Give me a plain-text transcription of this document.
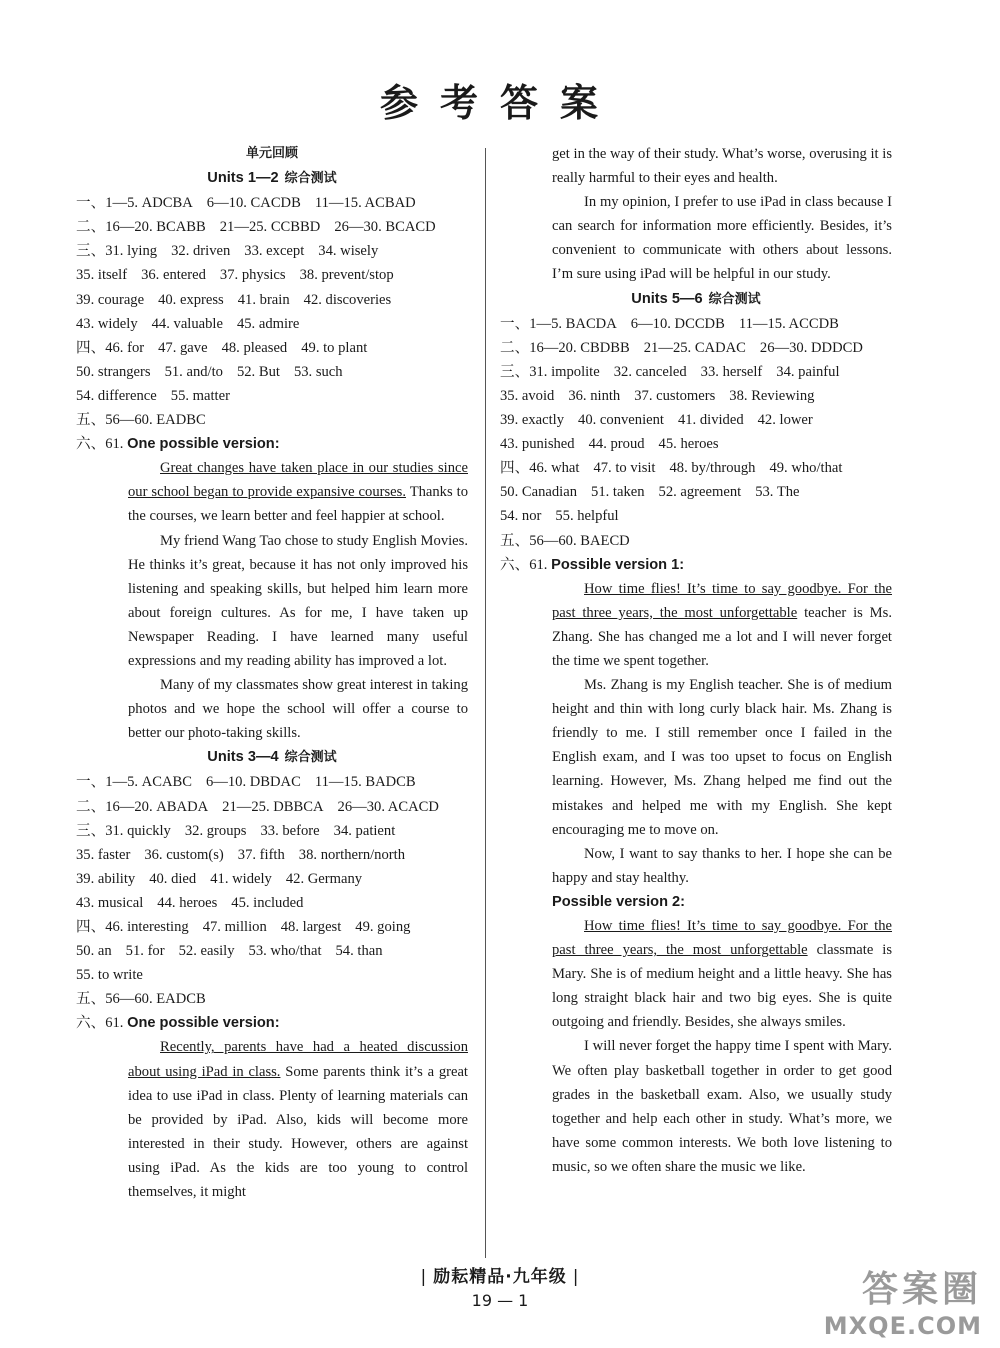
参考答案
单元回顾
Units 1—2 综合测试
一、1—5. ADCBA 6—10. CACDB 11—15. ACBAD
二、16—20. BCABB 21—25. CCBBD 26—30. BCACD
三、31. lying 32. driven 33. except 34. wisely
35. itself 36. entered 37. physics 38. prevent/stop
39. courage 40. express 41. brain 42. discoveries
43. widely 44. valuable 45. admire
四、46. for 47. gave 48. pleased 49. to plant
50. strangers 51. and/to 52. But 53. such
54. difference 55. matter
五、56—60. EADBC
六、61. One possible version:
Great changes have taken place in our studies since our school began to provide expansive courses. Thanks to the courses, we learn better and feel happier at school.
My friend Wang Tao chose to study English Movies. He thinks it’s great, because it has not only improved his listening and speaking skills, but helped him learn more about foreign cultures. As for me, I have taken up Newspaper Reading. I have learned many useful expressions and my reading ability has improved a lot.
Many of my classmates show great interest in taking photos and we hope the school will offer a course to better our photo-taking skills.
Units 3—4 综合测试
一、1—5. ACABC 6—10. DBDAC 11—15. BADCB
二、16—20. ABADA 21—25. DBBCA 26—30. ACACD
三、31. quickly 32. groups 33. before 34. patient
35. faster 36. custom(s) 37. fifth 38. northern/north
39. ability 40. died 41. widely 42. Germany
43. musical 44. heroes 45. included
四、46. interesting 47. million 48. largest 49. going
50. an 51. for 52. easily 53. who/that 54. than
55. to write
五、56—60. EADCB
六、61. One possible version:
Recently, parents have had a heated discussion about using iPad in class. Some parents think it’s a great idea to use iPad in class. Plenty of learning materials can be provided by iPad. Also, kids will become more interested in their study. However, others are against using iPad. As the kids are too young to control themselves, it might
get in the way of their study. What’s worse, overusing it is really harmful to their eyes and health.
In my opinion, I prefer to use iPad in class because I can search for information more efficiently. Besides, it’s convenient to communicate with others about lessons. I’m sure using iPad will be helpful in our study.
Units 5—6 综合测试
一、1—5. BACDA 6—10. DCCDB 11—15. ACCDB
二、16—20. CBDBB 21—25. CADAC 26—30. DDDCD
三、31. impolite 32. canceled 33. herself 34. painful
35. avoid 36. ninth 37. customers 38. Reviewing
39. exactly 40. convenient 41. divided 42. lower
43. punished 44. proud 45. heroes
四、46. what 47. to visit 48. by/through 49. who/that
50. Canadian 51. taken 52. agreement 53. The
54. nor 55. helpful
五、56—60. BAECD
六、61. Possible version 1:
How time flies! It’s time to say goodbye. For the past three years, the most unforgettable teacher is Ms. Zhang. She has changed me a lot and I will never forget the time we spent together.
Ms. Zhang is my English teacher. She is of medium height and thin with long curly black hair. Ms. Zhang is friendly to me. I still remember once I failed in the English exam, and I was too upset to focus on English learning. However, Ms. Zhang helped me find out the mistakes and helped me with my English. She kept encouraging me to move on.
Now, I want to say thanks to her. I hope she can be happy and stay healthy.
Possible version 2:
How time flies! It’s time to say goodbye. For the past three years, the most unforgettable classmate is Mary. She is of medium height and a little heavy. She has long straight black hair and two big eyes. She is quite outgoing and friendly. Besides, she always smiles.
I will never forget the happy time I spent with Mary. We often play basketball together in order to get good grades in the basketball exam. Also, we usually study together and help each other in study. What’s more, we have some common interests. We both love listening to music, so we often share the music we like.
| 励耘精品·九年级 |
19 — 1	答案圈
MXQE.COM
